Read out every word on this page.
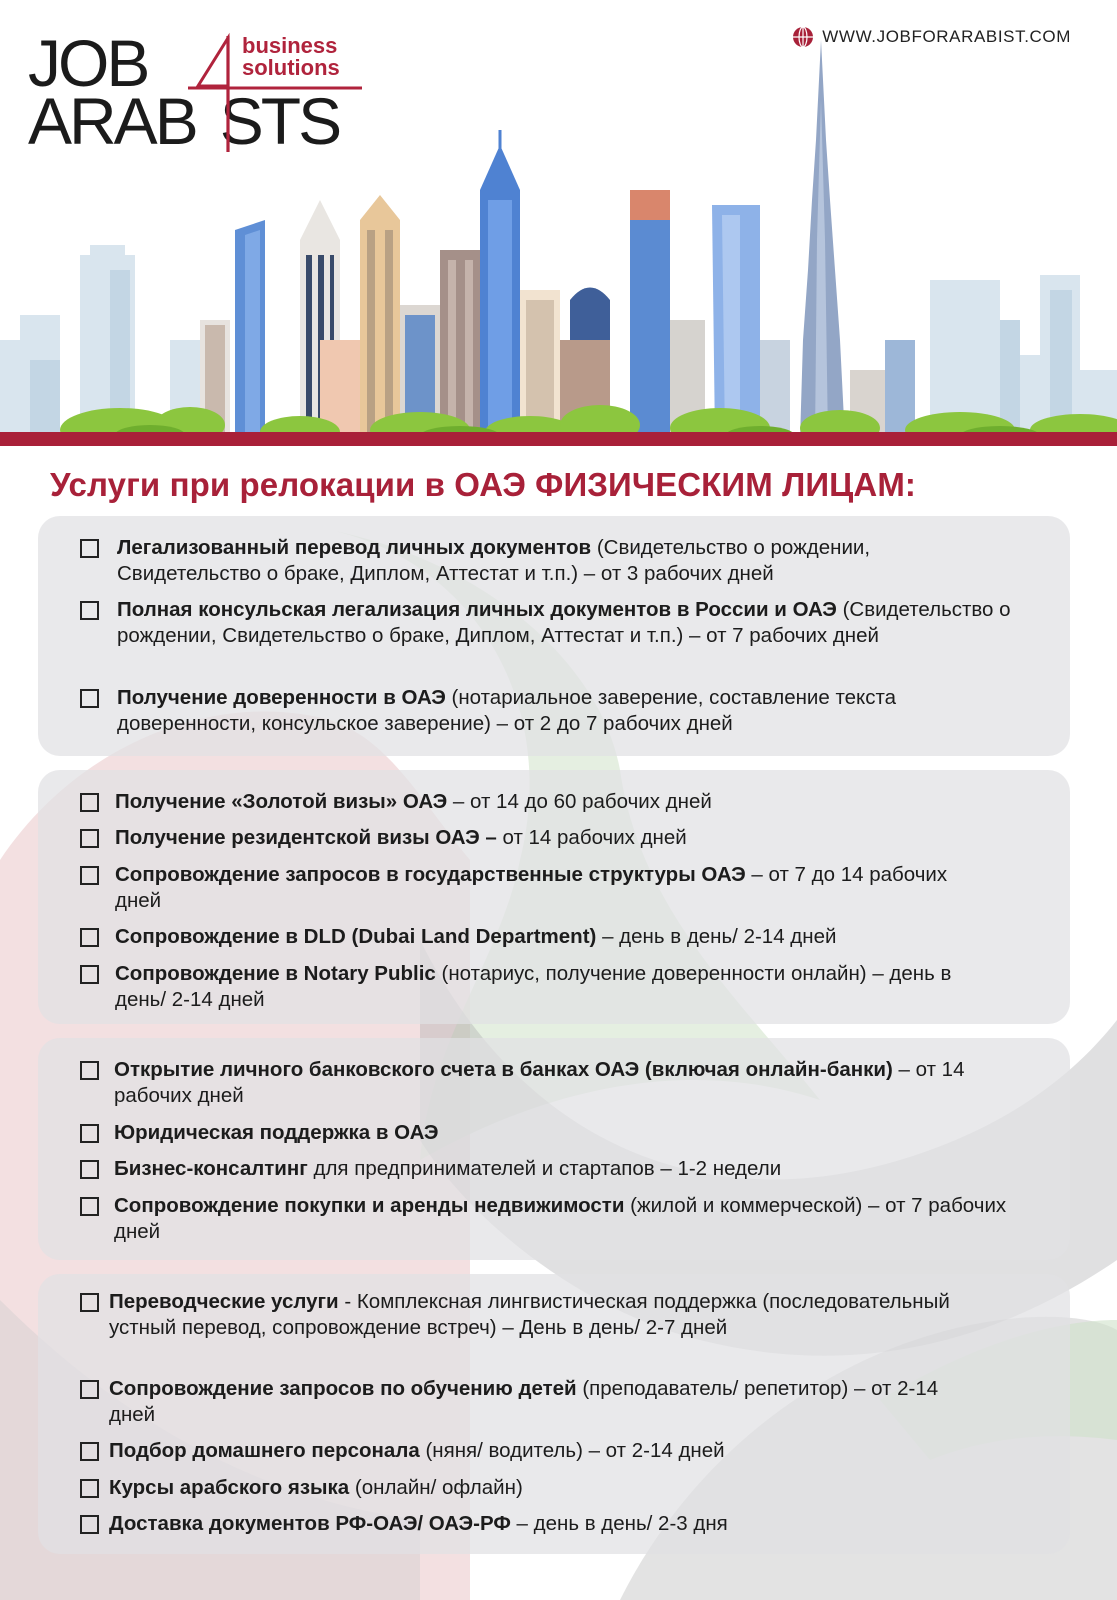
JOB
ARAB STS
business
solutions
WWW.JOBFORARABIST.COM
Услуги при релокации в ОАЭ ФИЗИЧЕСКИМ ЛИЦАМ:
Легализованный перевод личных документов (Свидетельство о рождении, Свидетельство о браке, Диплом, Аттестат и т.п.) – от 3 рабочих дней
Полная консульская легализация личных документов в России и ОАЭ (Свидетельство о рождении, Свидетельство о браке, Диплом, Аттестат и т.п.) – от 7 рабочих дней
Получение доверенности в ОАЭ (нотариальное заверение, составление текста доверенности, консульское заверение) – от 2 до 7 рабочих дней
Получение «Золотой визы» ОАЭ – от 14 до 60 рабочих дней
Получение резидентской визы ОАЭ – от 14 рабочих дней
Сопровождение запросов в государственные структуры ОАЭ – от 7 до 14 рабочих дней
Сопровождение в DLD (Dubai Land Department) – день в день/ 2-14 дней
Сопровождение в Notary Public (нотариус, получение доверенности онлайн) – день в день/ 2-14 дней
Открытие личного банковского счета в банках ОАЭ (включая онлайн-банки) – от 14 рабочих дней
Юридическая поддержка в ОАЭ
Бизнес-консалтинг для предпринимателей и стартапов – 1-2 недели
Сопровождение покупки и аренды недвижимости (жилой и коммерческой) – от 7 рабочих дней
Переводческие услуги - Комплексная лингвистическая поддержка (последовательный устный перевод, сопровождение встреч) – День в день/ 2-7 дней
Сопровождение запросов по обучению детей (преподаватель/ репетитор) – от 2-14 дней
Подбор домашнего персонала (няня/ водитель) – от 2-14 дней
Курсы арабского языка (онлайн/ офлайн)
Доставка документов РФ-ОАЭ/ ОАЭ-РФ – день в день/ 2-3 дня
